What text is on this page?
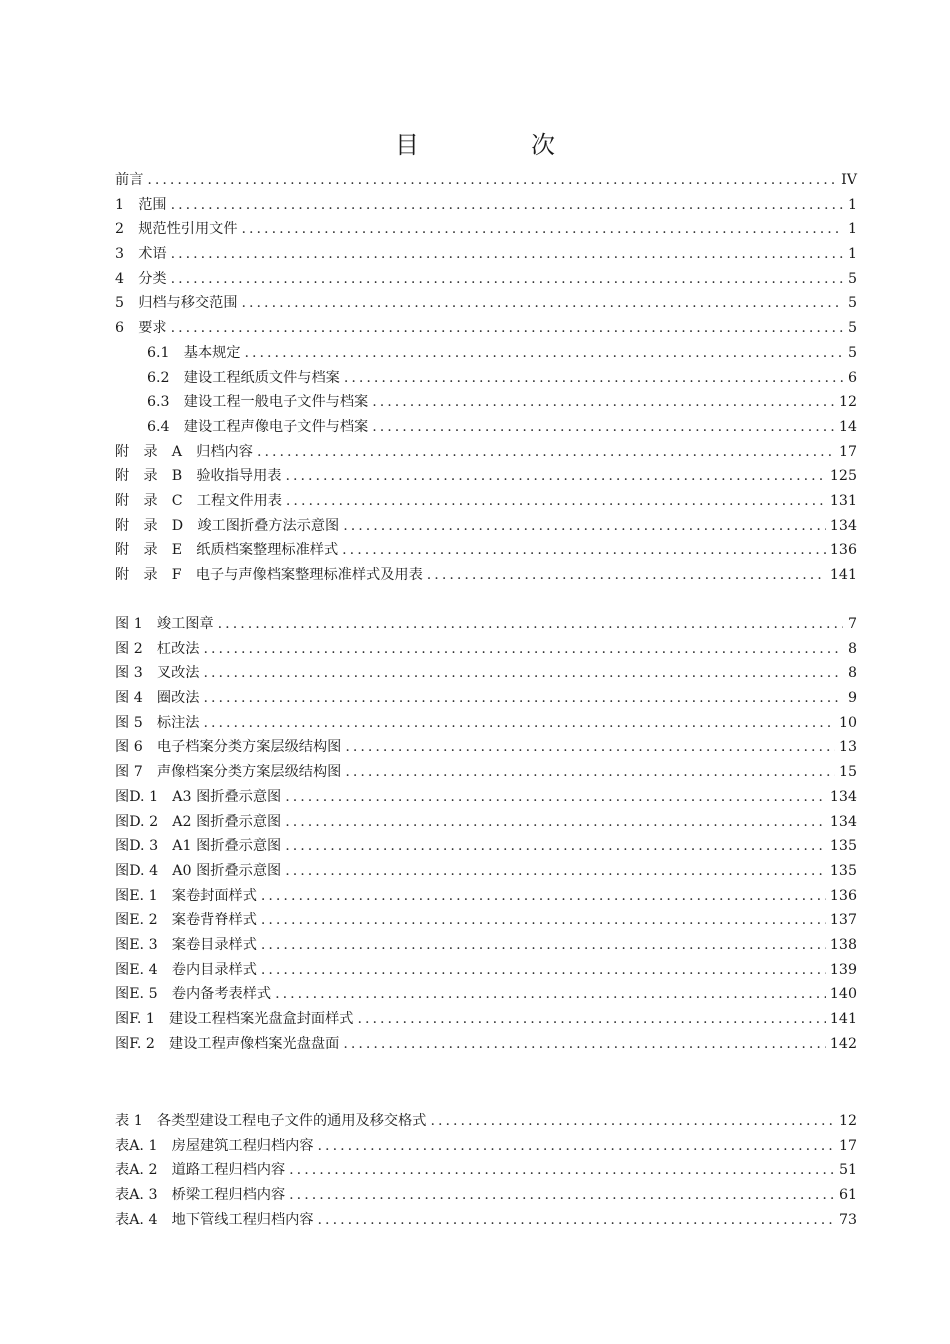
目　次
前言 .....	IV
1　范围 .....	1
2　规范性引用文件 .....	1
3　术语 .....	1
4　分类 .....	5
5　归档与移交范围 .....	5
6　要求 .....	5
6.1　基本规定 .....	5
6.2　建设工程纸质文件与档案 .....	6
6.3　建设工程一般电子文件与档案 .....	12
6.4　建设工程声像电子文件与档案 .....	14
附　录　A　归档内容 .....	17
附　录　B　验收指导用表 .....	125
附　录　C　工程文件用表 .....	131
附　录　D　竣工图折叠方法示意图 .....	134
附　录　E　纸质档案整理标准样式 .....	136
附　录　F　电子与声像档案整理标准样式及用表 .....	141
图 1　竣工图章 .....	7
图 2　杠改法 .....	8
图 3　叉改法 .....	8
图 4　圈改法 .....	9
图 5　标注法 .....	10
图 6　电子档案分类方案层级结构图 .....	13
图 7　声像档案分类方案层级结构图 .....	15
图D. 1　A3 图折叠示意图 .....	134
图D. 2　A2 图折叠示意图 .....	134
图D. 3　A1 图折叠示意图 .....	135
图D. 4　A0 图折叠示意图 .....	135
图E. 1　案卷封面样式 .....	136
图E. 2　案卷背脊样式 .....	137
图E. 3　案卷目录样式 .....	138
图E. 4　卷内目录样式 .....	139
图E. 5　卷内备考表样式 .....	140
图F. 1　建设工程档案光盘盒封面样式 .....	141
图F. 2　建设工程声像档案光盘盘面 .....	142
表 1　各类型建设工程电子文件的通用及移交格式 .....	12
表A. 1　房屋建筑工程归档内容 .....	17
表A. 2　道路工程归档内容 .....	51
表A. 3　桥梁工程归档内容 .....	61
表A. 4　地下管线工程归档内容 .....	73
